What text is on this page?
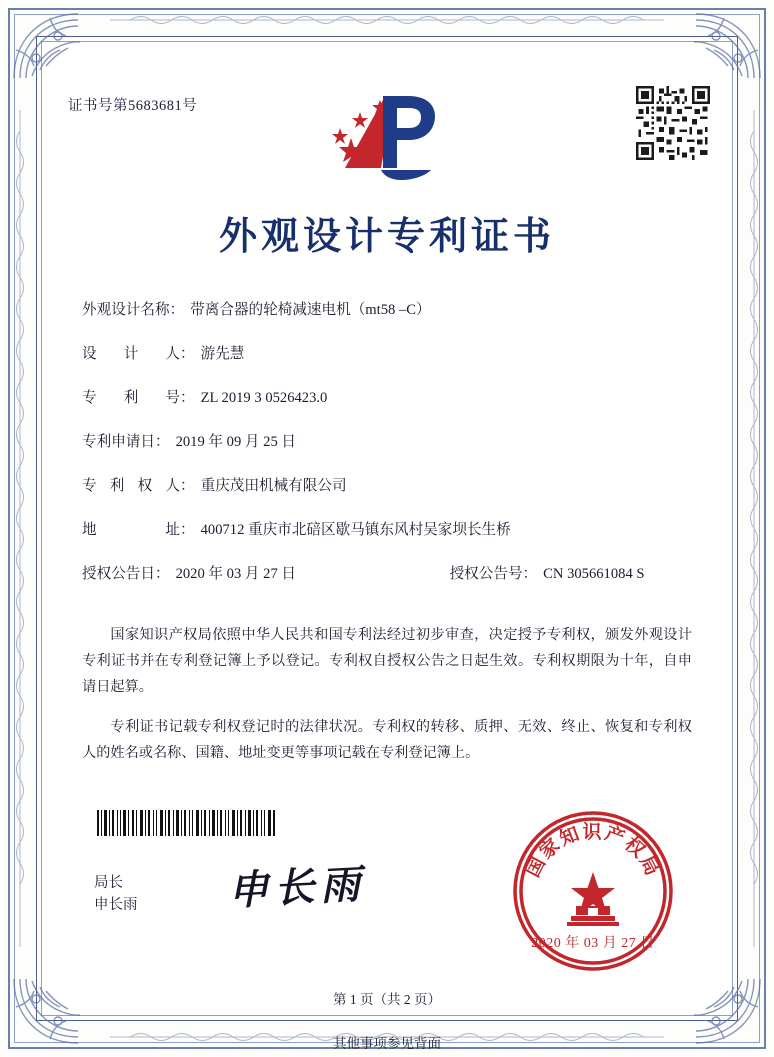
证书号第5683681号
外观设计专利证书
外观设计名称： 带离合器的轮椅减速电机（mt58 –C）
设计人 ： 游先慧
专利号 ： ZL 2019 3 0526423.0
专利申请日： 2019 年 09 月 25 日
专利权人 ： 重庆茂田机械有限公司
地址 ： 400712 重庆市北碚区歇马镇东风村吴家坝长生桥
授权公告日： 2020 年 03 月 27 日	授权公告号： CN 305661084 S

国家知识产权局依照中华人民共和国专利法经过初步审查，决定授予专利权，颁发外观设计专利证书并在专利登记簿上予以登记。专利权自授权公告之日起生效。专利权期限为十年，自申请日起算。

专利证书记载专利权登记时的法律状况。专利权的转移、质押、无效、终止、恢复和专利权人的姓名或名称、国籍、地址变更等事项记载在专利登记簿上。

局长
申长雨 申长雨	国家知识产权局
2020 年 03 月 27 日
第 1 页（共 2 页）
其他事项参见背面
